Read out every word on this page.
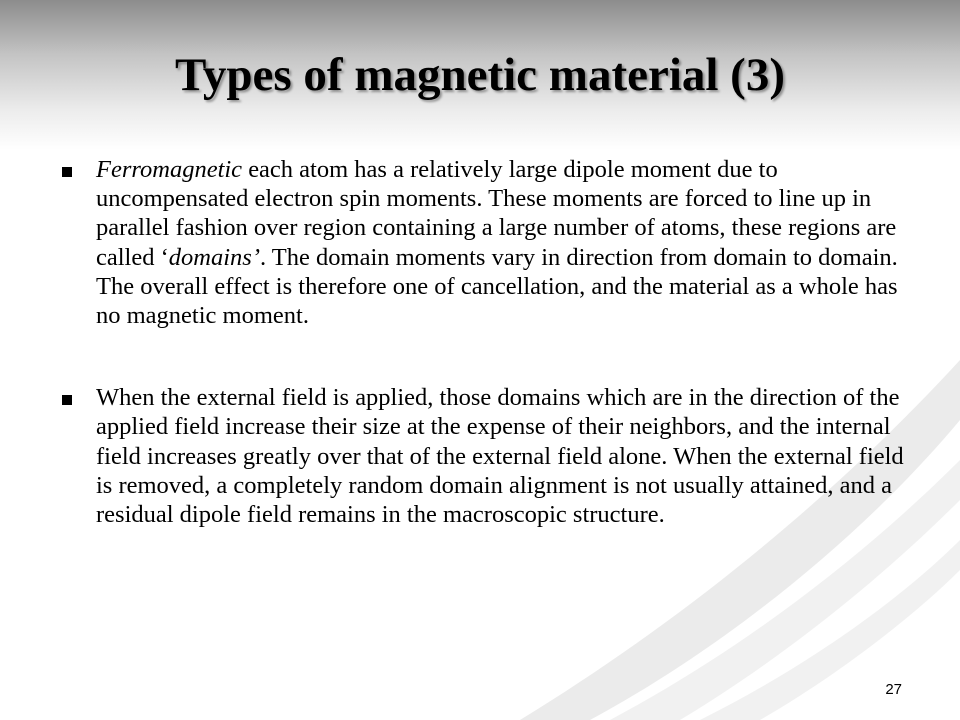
Types of magnetic material (3)
Ferromagnetic each atom has a relatively large dipole moment due to uncompensated electron spin moments. These moments are forced to line up in parallel fashion over region containing a large number of atoms, these regions are called ‘domains’. The domain moments vary in direction from domain to domain. The overall effect is therefore one of cancellation, and the material as a whole has no magnetic moment.
When the external field is applied, those domains which are in the direction of the applied field increase their size at the expense of their neighbors, and the internal field increases greatly over that of the external field alone. When the external field is removed, a completely random domain alignment is not usually attained, and a residual dipole field remains in the macroscopic structure.
27
